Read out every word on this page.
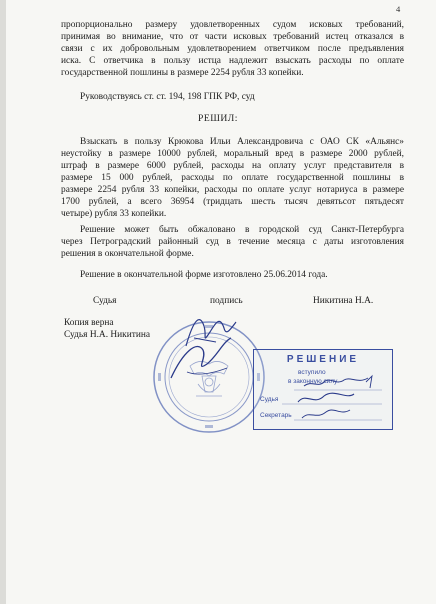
4
пропорционально размеру удовлетворенных судом исковых требований,
принимая во внимание, что от части исковых требований истец отказался в
связи с их добровольным удовлетворением ответчиком после предъявления
иска. С ответчика в пользу истца надлежит взыскать расходы по оплате
государственной пошлины в размере 2254 рубля 33 копейки.
Руководствуясь ст. ст. 194, 198 ГПК РФ, суд
РЕШИЛ:
Взыскать в пользу Крюкова Ильи Александровича с ОАО СК «Альянс»
неустойку в размере 10000 рублей, моральный вред в размере 2000 рублей,
штраф в размере 6000 рублей, расходы на оплату услуг представителя в
размере 15 000 рублей, расходы по оплате государственной пошлины в
размере 2254 рубля 33 копейки, расходы по оплате услуг нотариуса в размере
1700 рублей, а всего 36954 (тридцать шесть тысяч девятьсот пятьдесят
четыре) рубля 33 копейки.
Решение может быть обжаловано в городской суд Санкт-Петербурга
через Петроградский районный суд в течение месяца с даты изготовления
решения в окончательной форме.
Решение в окончательной форме изготовлено 25.06.2014 года.
Судья	подпись	Никитина Н.А.
Копия верна
Судья Н.А. Никитина
РЕШЕНИЕ
вступило
в законную силу
Судья
Секретарь
